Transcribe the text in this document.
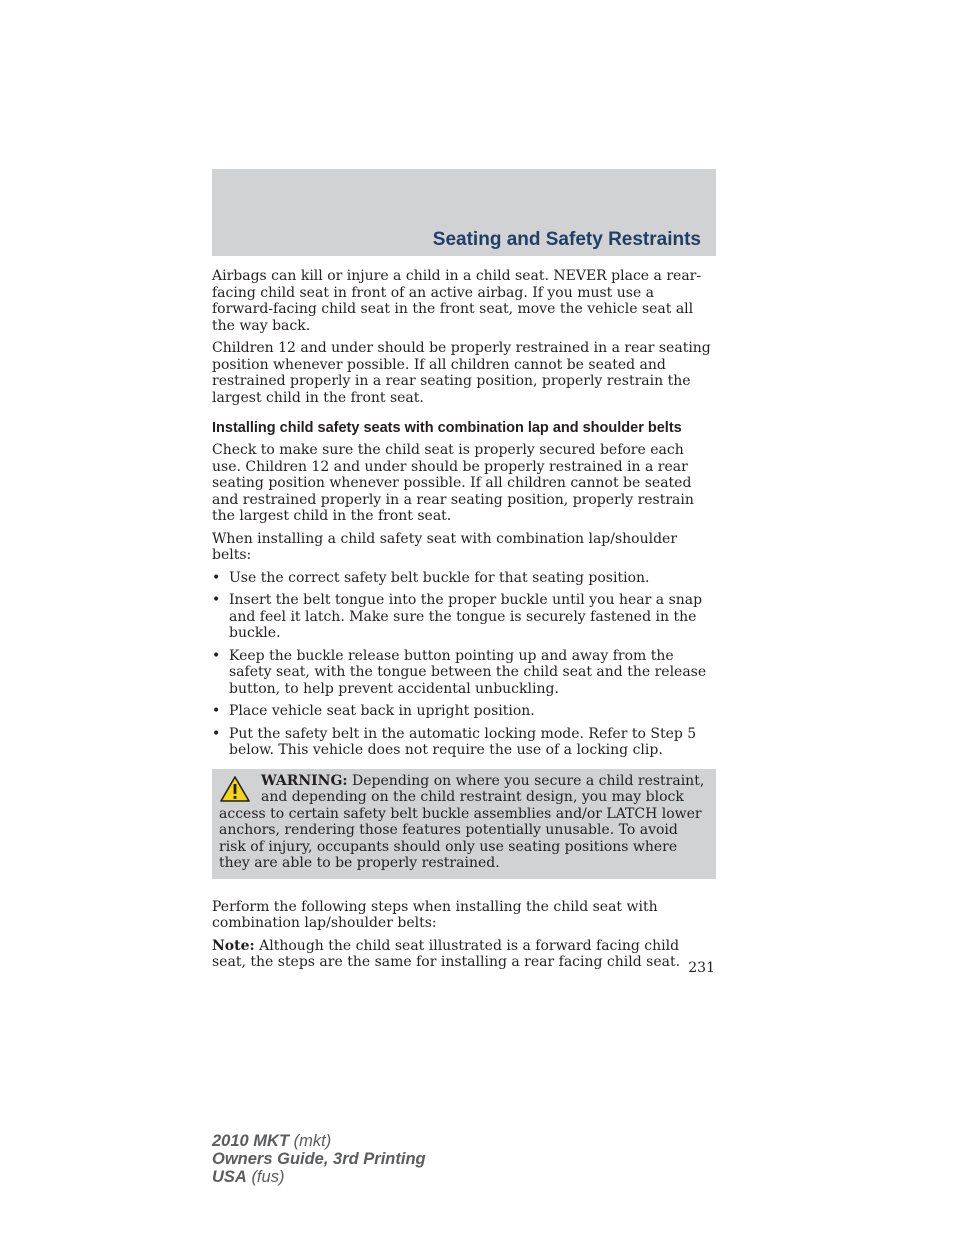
Seating and Safety Restraints

Airbags can kill or injure a child in a child seat. NEVER place a rear-facing child seat in front of an active airbag. If you must use a forward-facing child seat in the front seat, move the vehicle seat all the way back.

Children 12 and under should be properly restrained in a rear seating position whenever possible. If all children cannot be seated and restrained properly in a rear seating position, properly restrain the largest child in the front seat.

Installing child safety seats with combination lap and shoulder belts

Check to make sure the child seat is properly secured before each use. Children 12 and under should be properly restrained in a rear seating position whenever possible. If all children cannot be seated and restrained properly in a rear seating position, properly restrain the largest child in the front seat.

When installing a child safety seat with combination lap/shoulder belts:

• Use the correct safety belt buckle for that seating position.
• Insert the belt tongue into the proper buckle until you hear a snap and feel it latch. Make sure the tongue is securely fastened in the buckle.
• Keep the buckle release button pointing up and away from the safety seat, with the tongue between the child seat and the release button, to help prevent accidental unbuckling.
• Place vehicle seat back in upright position.
• Put the safety belt in the automatic locking mode. Refer to Step 5 below. This vehicle does not require the use of a locking clip.
WARNING: Depending on where you secure a child restraint, and depending on the child restraint design, you may block access to certain safety belt buckle assemblies and/or LATCH lower anchors, rendering those features potentially unusable. To avoid risk of injury, occupants should only use seating positions where they are able to be properly restrained.

Perform the following steps when installing the child seat with combination lap/shoulder belts:

Note: Although the child seat illustrated is a forward facing child seat, the steps are the same for installing a rear facing child seat. 231
2010 MKT (mkt)
Owners Guide, 3rd Printing
USA (fus)
